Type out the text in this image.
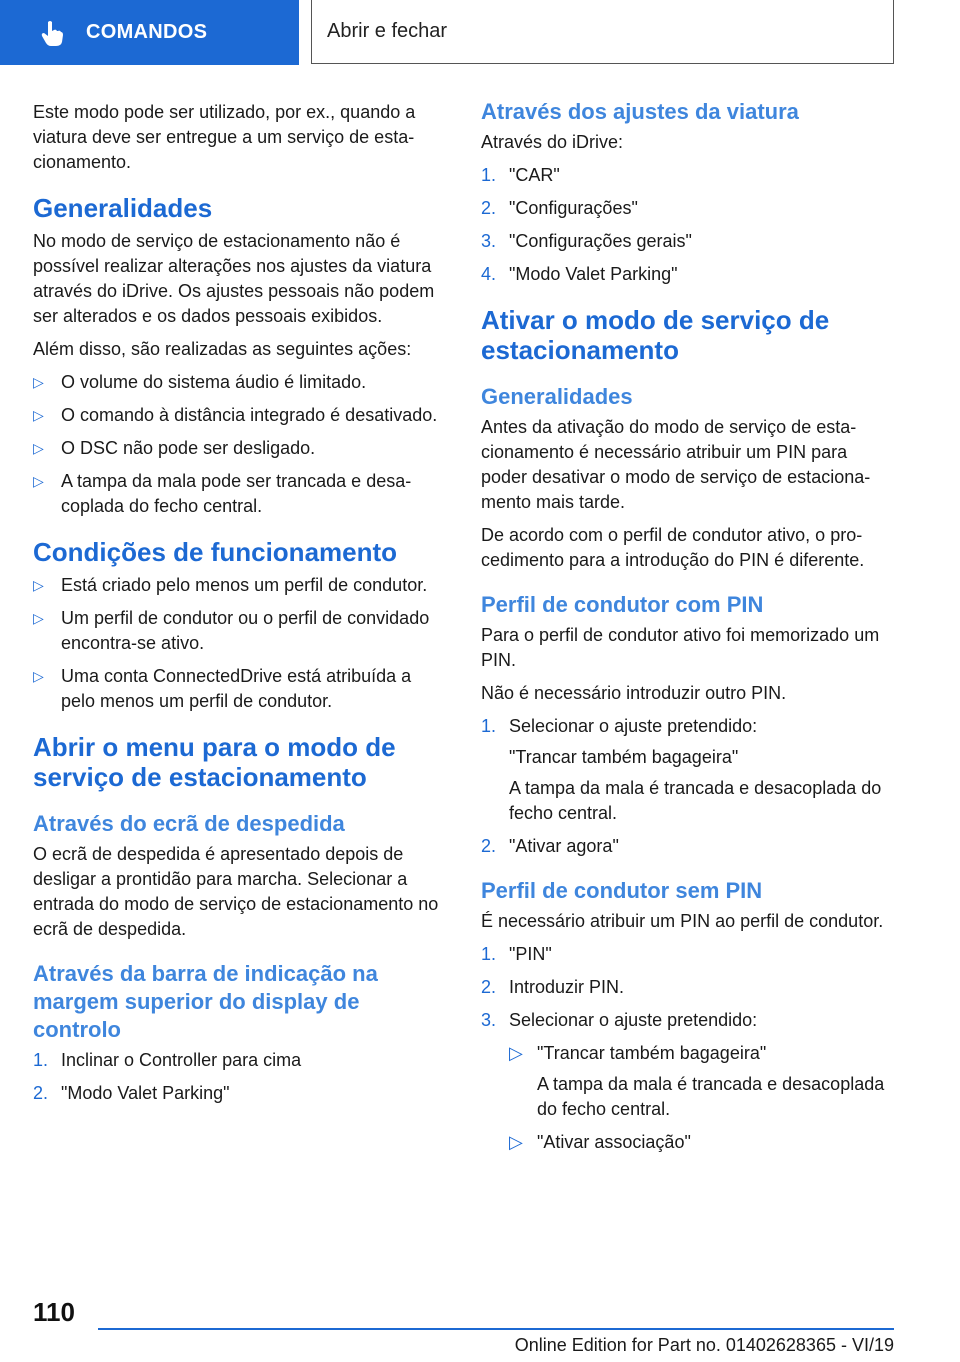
COMANDOS	Abrir e fechar

Este modo pode ser utilizado, por ex., quando a viatura deve ser entregue a um serviço de estacionamento.

Generalidades

No modo de serviço de estacionamento não é possível realizar alterações nos ajustes da viatura através do iDrive. Os ajustes pessoais não podem ser alterados e os dados pessoais exibidos.

Além disso, são realizadas as seguintes ações:

▷ O volume do sistema áudio é limitado.
▷ O comando à distância integrado é desativado.
▷ O DSC não pode ser desligado.
▷ A tampa da mala pode ser trancada e desacoplada do fecho central.
Condições de funcionamento
▷ Está criado pelo menos um perfil de condutor.
▷ Um perfil de condutor ou o perfil de convidado encontra-se ativo.
▷ Uma conta ConnectedDrive está atribuída a pelo menos um perfil de condutor.
Abrir o menu para o modo de serviço de estacionamento
Através do ecrã de despedida

O ecrã de despedida é apresentado depois de desligar a prontidão para marcha. Selecionar a entrada do modo de serviço de estacionamento no ecrã de despedida.

Através da barra de indicação na margem superior do display de controlo
1. Inclinar o Controller para cima
2. "Modo Valet Parking"
Através dos ajustes da viatura

Através do iDrive:

1. "CAR"
2. "Configurações"
3. "Configurações gerais"
4. "Modo Valet Parking"
Ativar o modo de serviço de estacionamento
Generalidades

Antes da ativação do modo de serviço de estacionamento é necessário atribuir um PIN para poder desativar o modo de serviço de estacionamento mais tarde.

De acordo com o perfil de condutor ativo, o procedimento para a introdução do PIN é diferente.

Perfil de condutor com PIN

Para o perfil de condutor ativo foi memorizado um PIN.

Não é necessário introduzir outro PIN.

1. Selecionar o ajuste pretendido:
"Trancar também bagageira"
A tampa da mala é trancada e desacoplada do fecho central.
2. "Ativar agora"
Perfil de condutor sem PIN

É necessário atribuir um PIN ao perfil de condutor.

1. "PIN"
2. Introduzir PIN.
3. Selecionar o ajuste pretendido:
▷ "Trancar também bagageira"
A tampa da mala é trancada e desacoplada do fecho central.
▷ "Ativar associação"
110
Online Edition for Part no. 01402628365 - VI/19
